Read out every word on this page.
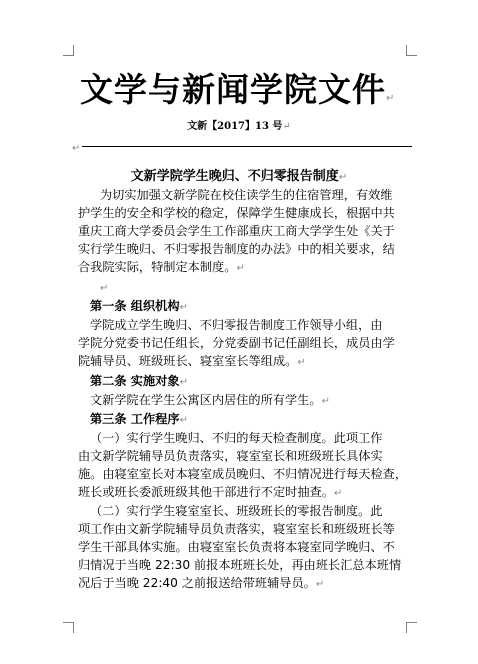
文学与新闻学院文件↵
文新【2017】13 号↵
↵
文新学院学生晚归、不归零报告制度↵
为切实加强文新学院在校住读学生的住宿管理，有效维
护学生的安全和学校的稳定，保障学生健康成长，根据中共
重庆工商大学委员会学生工作部重庆工商大学学生处《关于
实行学生晚归、不归零报告制度的办法》中的相关要求，结
合我院实际，特制定本制度。↵
↵
第一条 组织机构↵
学院成立学生晚归、不归零报告制度工作领导小组，由
学院分党委书记任组长，分党委副书记任副组长，成员由学
院辅导员、班级班长、寝室室长等组成。↵
第二条 实施对象↵
文新学院在学生公寓区内居住的所有学生。↵
第三条 工作程序↵
（一）实行学生晚归、不归的每天检查制度。此项工作
由文新学院辅导员负责落实，寝室室长和班级班长具体实
施。由寝室室长对本寝室成员晚归、不归情况进行每天检查，
班长或班长委派班级其他干部进行不定时抽查。↵
（二）实行学生寝室室长、班级班长的零报告制度。此
项工作由文新学院辅导员负责落实，寝室室长和班级班长等
学生干部具体实施。由寝室室长负责将本寝室同学晚归、不
归情况于当晚 22:30 前报本班班长处，再由班长汇总本班情
况后于当晚 22:40 之前报送给带班辅导员。↵
